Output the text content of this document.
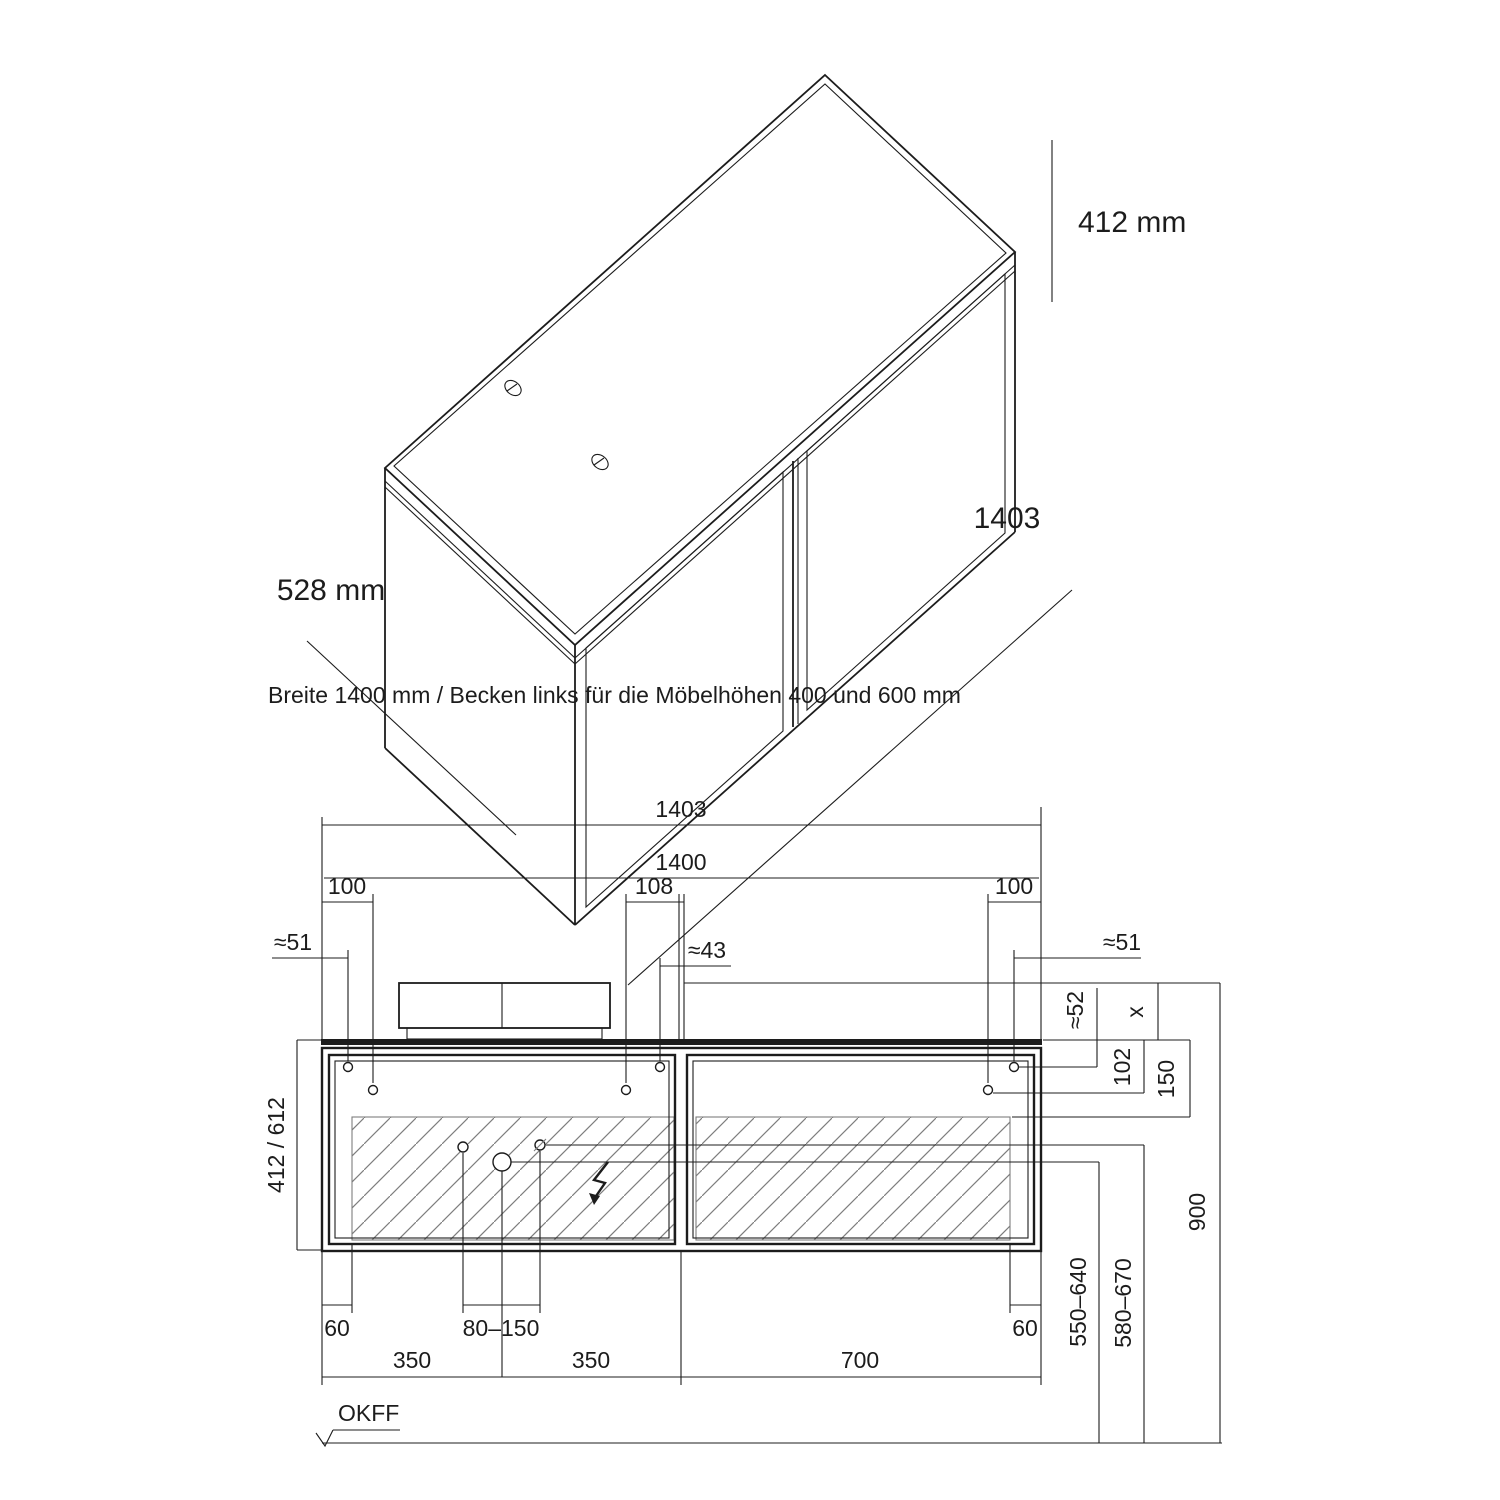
412 mm
528 mm
1403
Breite 1400 mm / Becken links für die Möbelhöhen 400 und 600 mm
1403
1400
100	108	100
≈51	≈43	≈51
≈52 x
102 150
900
550–640 580–670
412 / 612
60	80–150	60
350	350	700
OKFF
